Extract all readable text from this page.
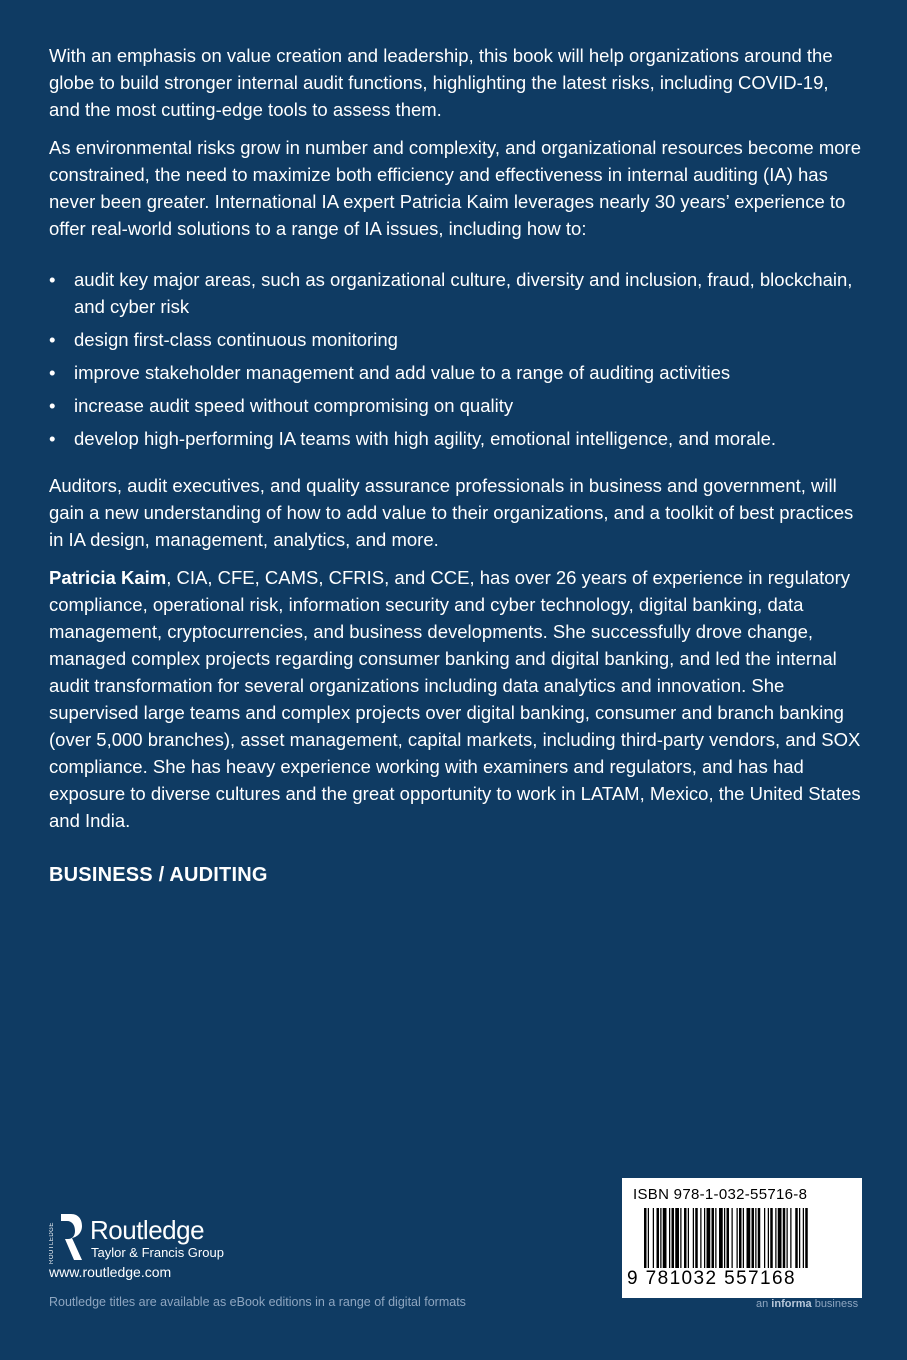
With an emphasis on value creation and leadership, this book will help organizations around the globe to build stronger internal audit functions, highlighting the latest risks, including COVID-19, and the most cutting-edge tools to assess them.

As environmental risks grow in number and complexity, and organizational resources become more constrained, the need to maximize both efficiency and effectiveness in internal auditing (IA) has never been greater. International IA expert Patricia Kaim leverages nearly 30 years’ experience to offer real-world solutions to a range of IA issues, including how to:

• audit key major areas, such as organizational culture, diversity and inclusion, fraud, blockchain, and cyber risk
• design first-class continuous monitoring
• improve stakeholder management and add value to a range of auditing activities
• increase audit speed without compromising on quality
• develop high-performing IA teams with high agility, emotional intelligence, and morale.

Auditors, audit executives, and quality assurance professionals in business and government, will gain a new understanding of how to add value to their organizations, and a toolkit of best practices in IA design, management, analytics, and more.

Patricia Kaim, CIA, CFE, CAMS, CFRIS, and CCE, has over 26 years of experience in regulatory compliance, operational risk, information security and cyber technology, digital banking, data management, cryptocurrencies, and business developments. She successfully drove change, managed complex projects regarding consumer banking and digital banking, and led the internal audit transformation for several organizations including data analytics and innovation. She supervised large teams and complex projects over digital banking, consumer and branch banking (over 5,000 branches), asset management, capital markets, including third-party vendors, and SOX compliance. She has heavy experience working with examiners and regulators, and has had exposure to diverse cultures and the great opportunity to work in LATAM, Mexico, the United States and India.

BUSINESS / AUDITING
ROUTLEDGE Routledge
Taylor & Francis Group
www.routledge.com
Routledge titles are available as eBook editions in a range of digital formats
ISBN 978-1-032-55716-8
9 781032 557168
an informa business
